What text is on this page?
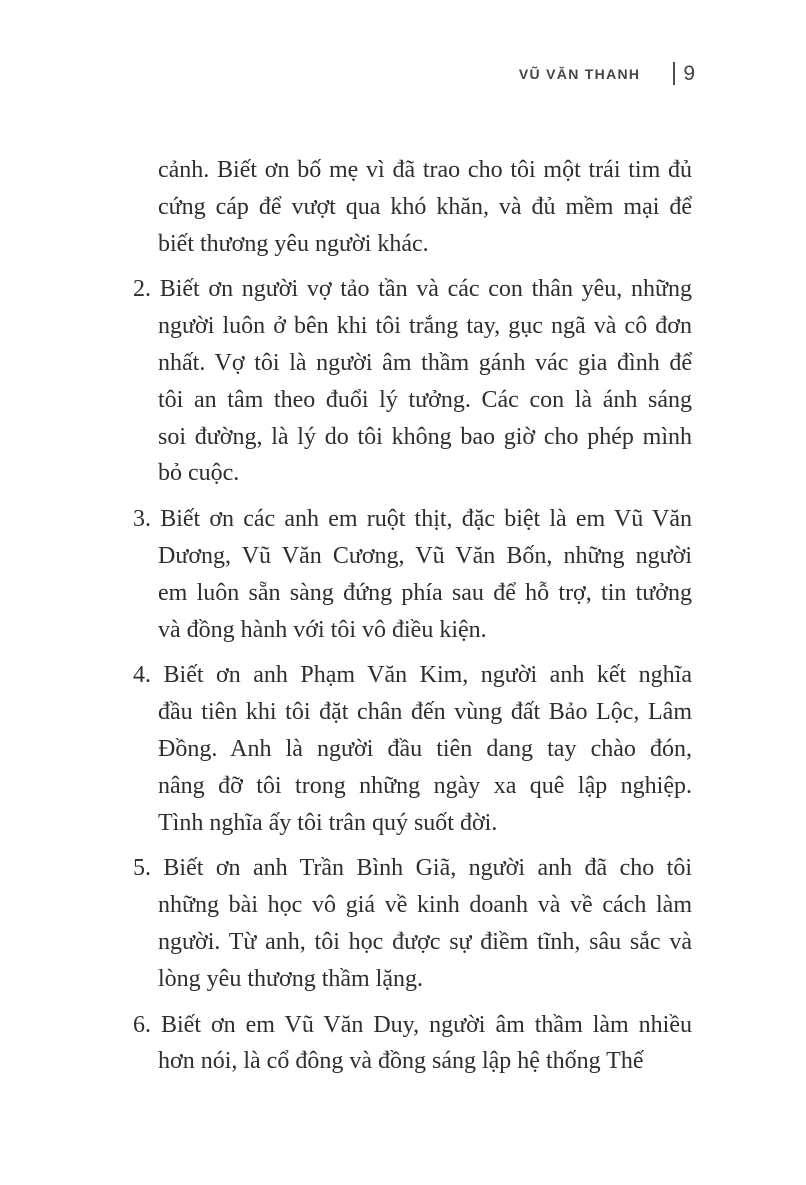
VŨ VĂN THANH 9

cảnh. Biết ơn bố mẹ vì đã trao cho tôi một trái tim đủ
cứng cáp để vượt qua khó khăn, và đủ mềm mại để
biết thương yêu người khác.

2. Biết ơn người vợ tảo tần và các con thân yêu, những
người luôn ở bên khi tôi trắng tay, gục ngã và cô đơn
nhất. Vợ tôi là người âm thầm gánh vác gia đình để
tôi an tâm theo đuổi lý tưởng. Các con là ánh sáng
soi đường, là lý do tôi không bao giờ cho phép mình
bỏ cuộc.

3. Biết ơn các anh em ruột thịt, đặc biệt là em Vũ Văn
Dương, Vũ Văn Cương, Vũ Văn Bốn, những người
em luôn sẵn sàng đứng phía sau để hỗ trợ, tin tưởng
và đồng hành với tôi vô điều kiện.

4. Biết ơn anh Phạm Văn Kim, người anh kết nghĩa
đầu tiên khi tôi đặt chân đến vùng đất Bảo Lộc, Lâm
Đồng. Anh là người đầu tiên dang tay chào đón,
nâng đỡ tôi trong những ngày xa quê lập nghiệp.
Tình nghĩa ấy tôi trân quý suốt đời.

5. Biết ơn anh Trần Bình Giã, người anh đã cho tôi
những bài học vô giá về kinh doanh và về cách làm
người. Từ anh, tôi học được sự điềm tĩnh, sâu sắc và
lòng yêu thương thầm lặng.

6. Biết ơn em Vũ Văn Duy, người âm thầm làm nhiều
hơn nói, là cổ đông và đồng sáng lập hệ thống Thế
